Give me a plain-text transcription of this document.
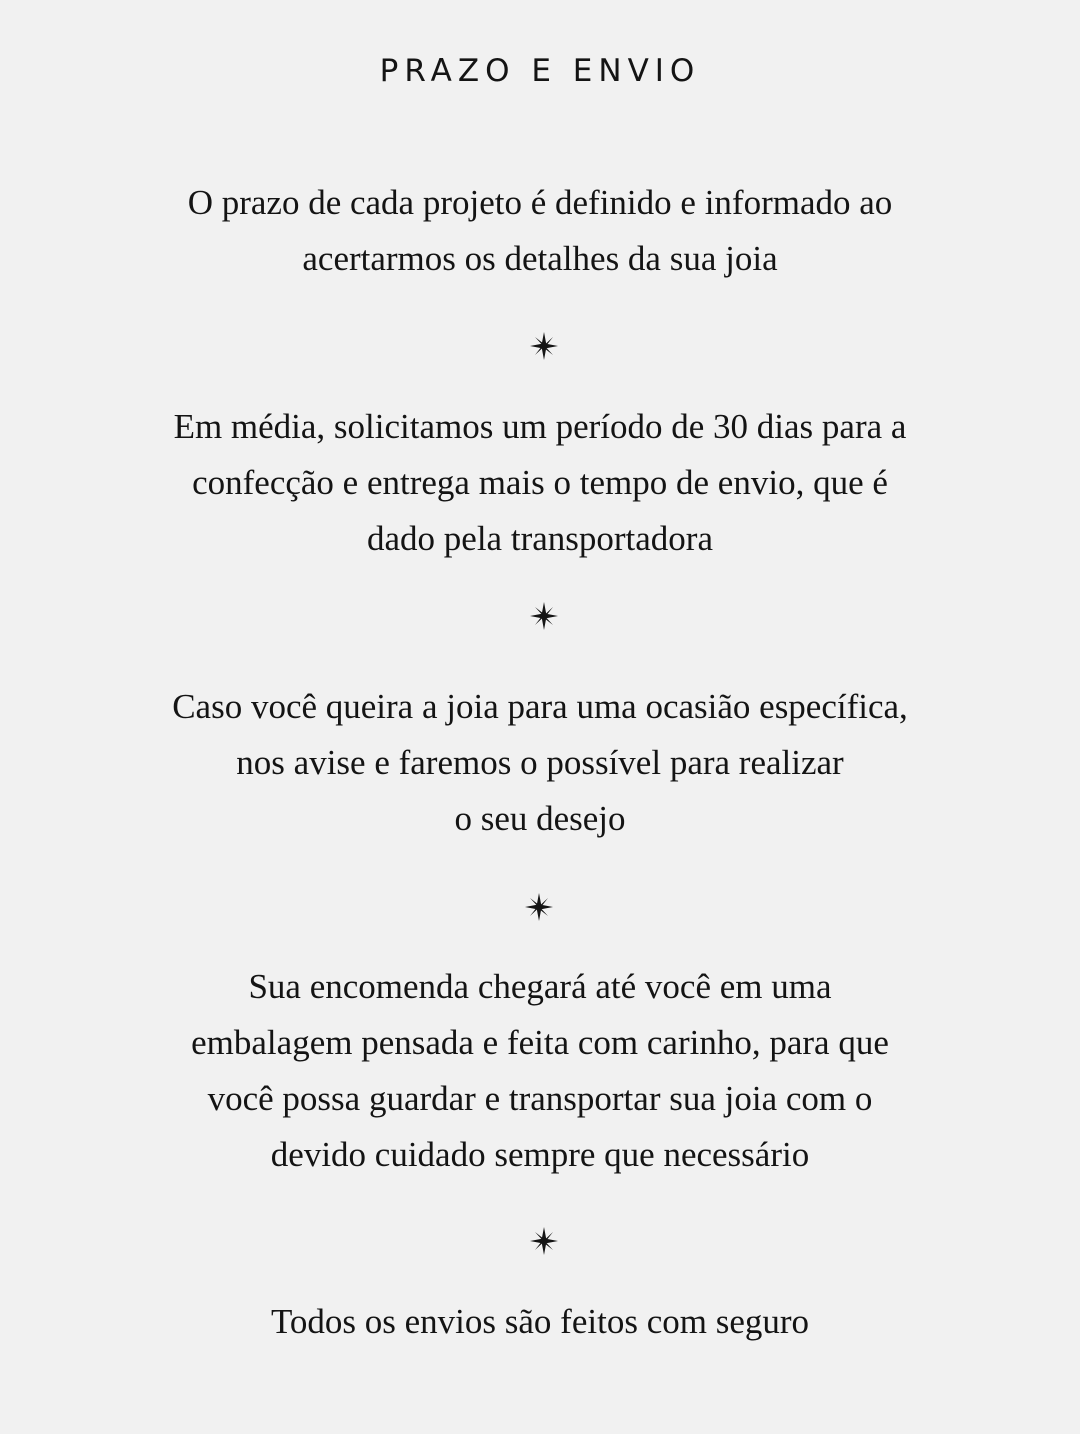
PRAZO E ENVIO

O prazo de cada projeto é definido e informado ao
acertarmos os detalhes da sua joia

Em média, solicitamos um período de 30 dias para a
confecção e entrega mais o tempo de envio, que é
dado pela transportadora

Caso você queira a joia para uma ocasião específica,
nos avise e faremos o possível para realizar
o seu desejo

Sua encomenda chegará até você em uma
embalagem pensada e feita com carinho, para que
você possa guardar e transportar sua joia com o
devido cuidado sempre que necessário

Todos os envios são feitos com seguro
